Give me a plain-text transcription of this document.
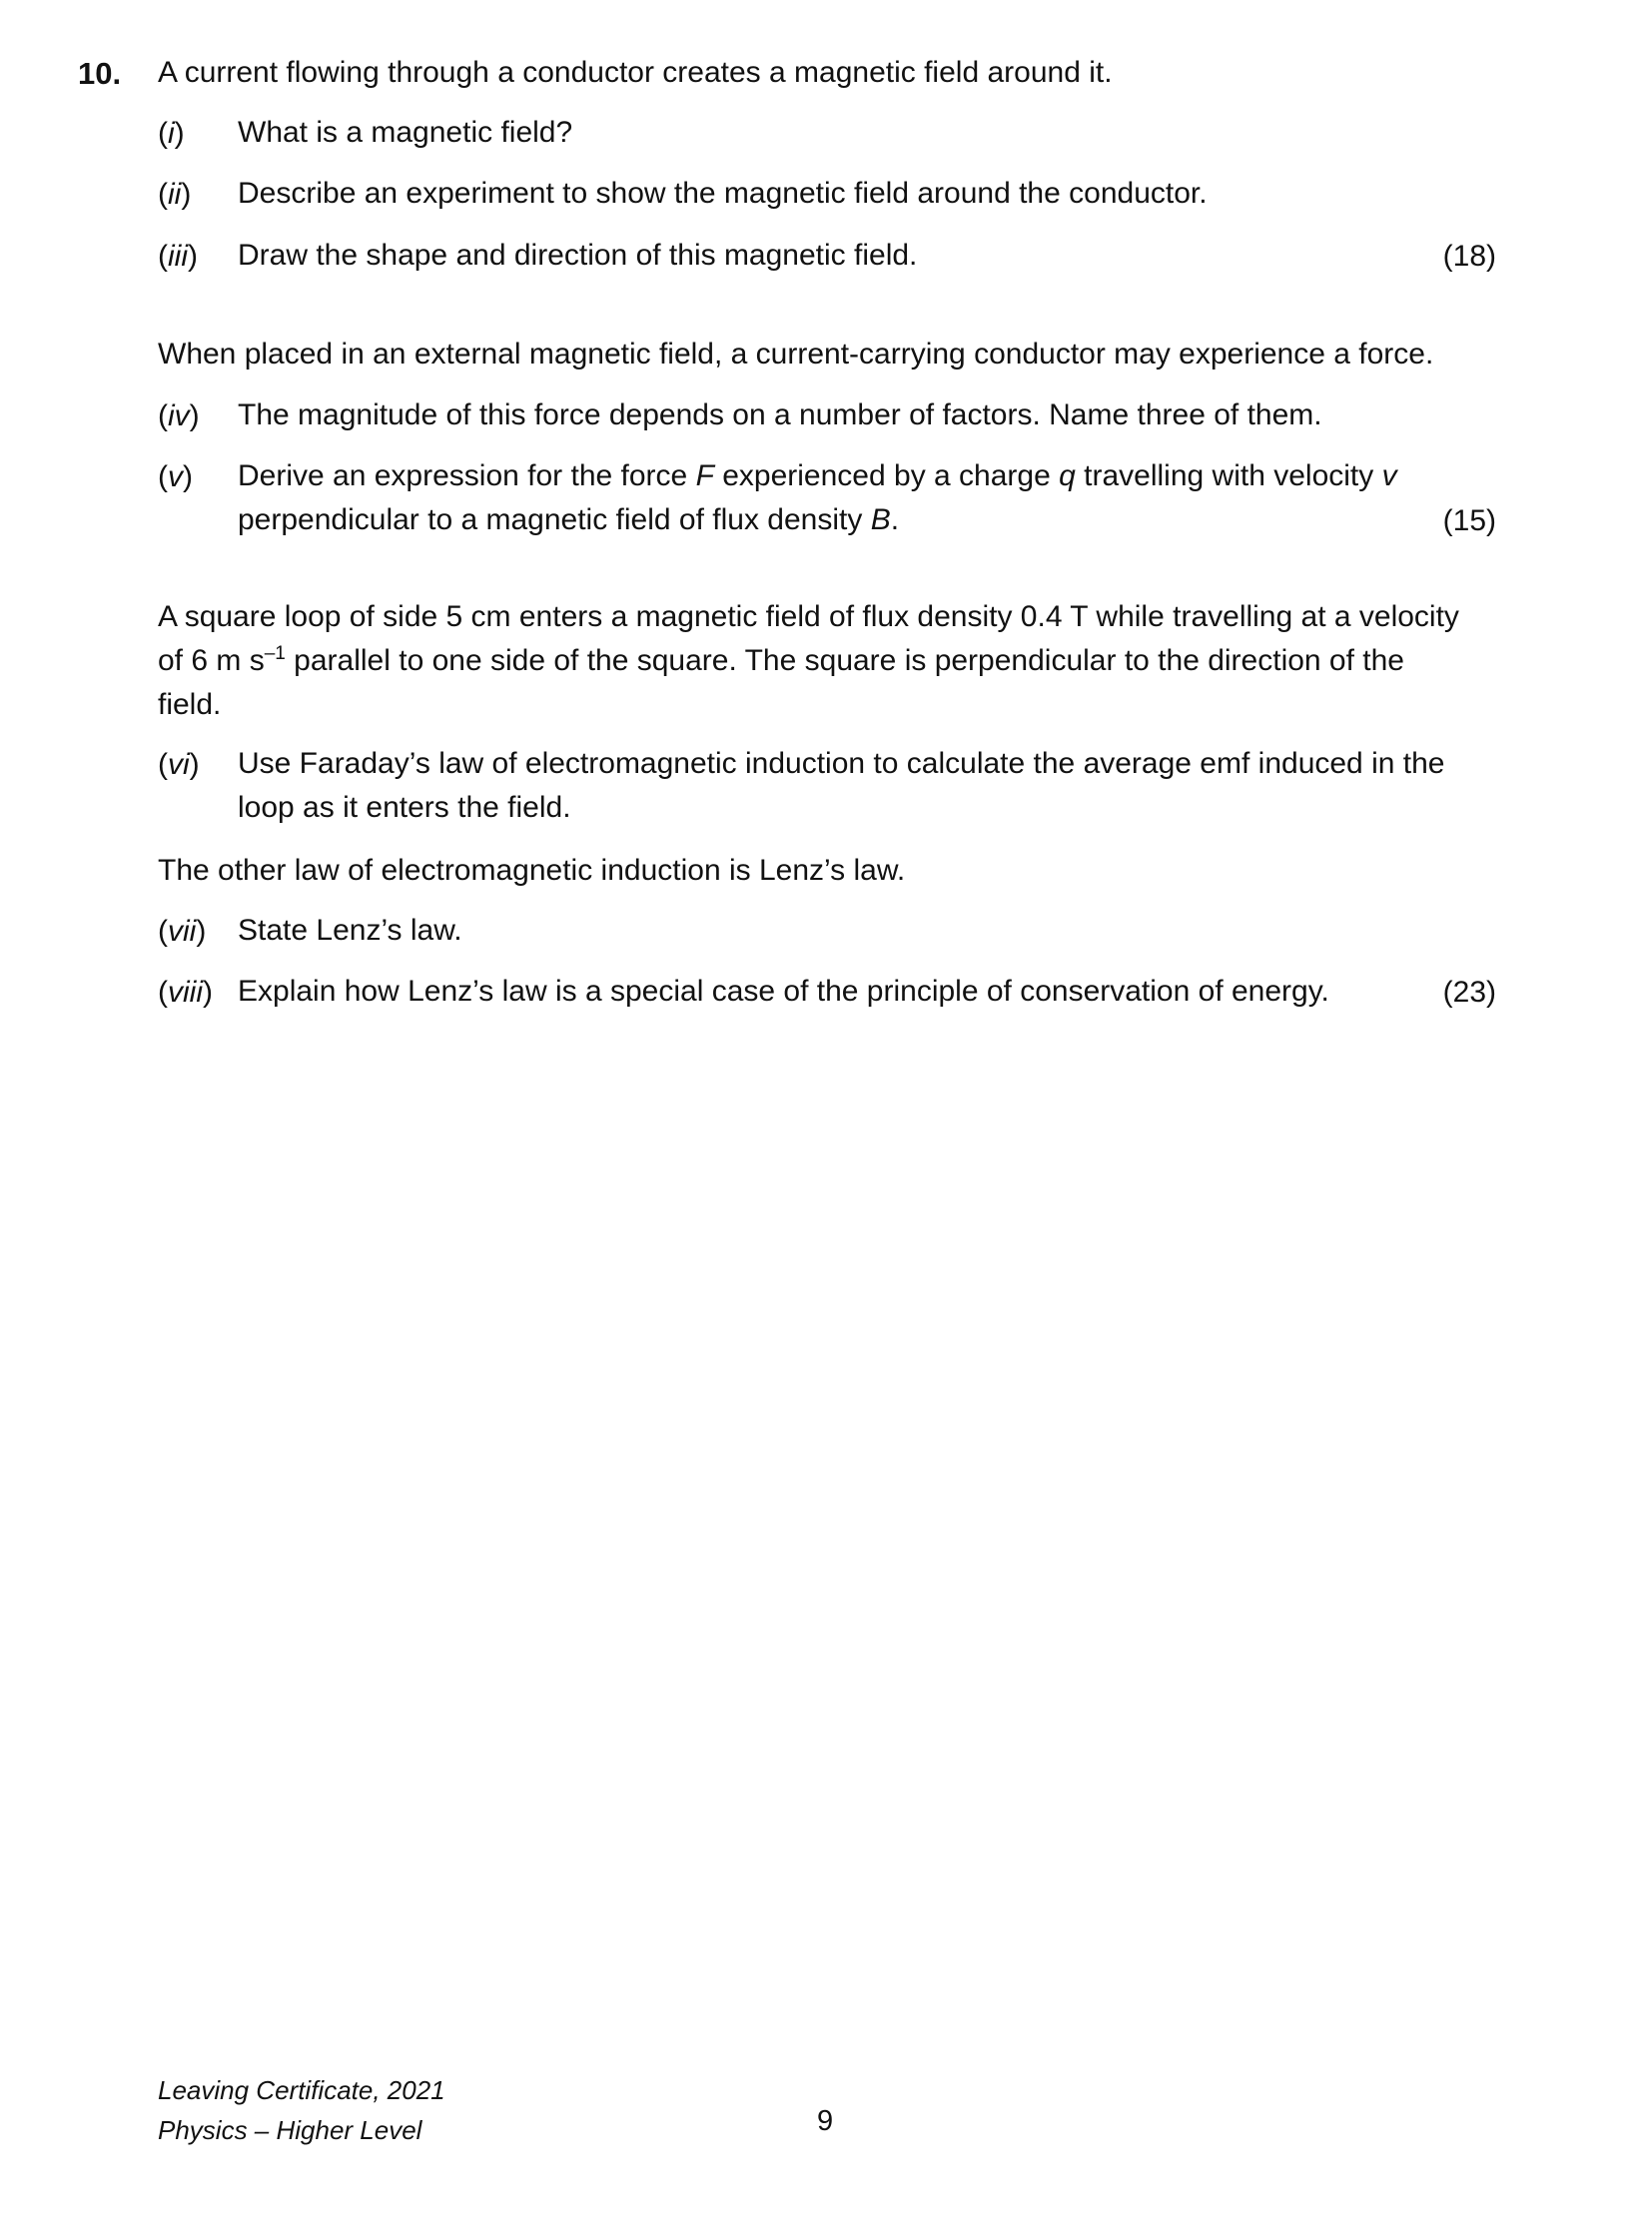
10. A current flowing through a conductor creates a magnetic field around it.
(i) What is a magnetic field?
(ii) Describe an experiment to show the magnetic field around the conductor.
(iii) Draw the shape and direction of this magnetic field.	(18)
When placed in an external magnetic field, a current-carrying conductor may experience a force.
(iv) The magnitude of this force depends on a number of factors. Name three of them.
(v) Derive an expression for the force F experienced by a charge q travelling with velocity v
perpendicular to a magnetic field of flux density B.	(15)
A square loop of side 5 cm enters a magnetic field of flux density 0.4 T while travelling at a velocity
of 6 m $s^{-1}$ parallel to one side of the square. The square is perpendicular to the direction of the
field.
(vi) Use Faraday’s law of electromagnetic induction to calculate the average emf induced in the
loop as it enters the field.
The other law of electromagnetic induction is Lenz’s law.
(vii) State Lenz’s law.
(viii) Explain how Lenz’s law is a special case of the principle of conservation of energy.	(23)
Leaving Certificate, 2021
Physics – Higher Level	9
